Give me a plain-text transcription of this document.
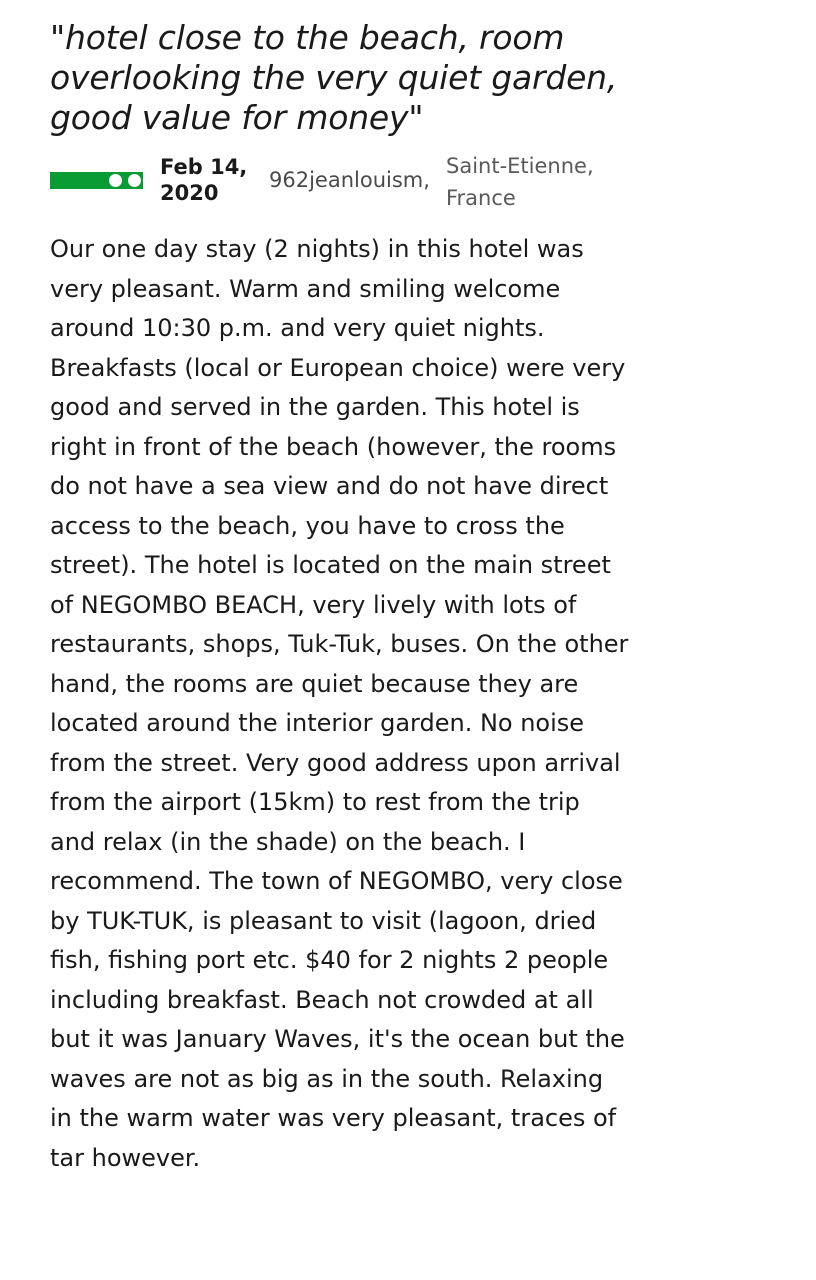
"hotel close to the beach, room overlooking the very quiet garden, good value for money"
Feb 14, 2020
962jeanlouism,
Saint-Etienne, France

Our one day stay (2 nights) in this hotel was very pleasant. Warm and smiling welcome around 10:30 p.m. and very quiet nights. Breakfasts (local or European choice) were very good and served in the garden. This hotel is right in front of the beach (however, the rooms do not have a sea view and do not have direct access to the beach, you have to cross the street). The hotel is located on the main street of NEGOMBO BEACH, very lively with lots of restaurants, shops, Tuk-Tuk, buses. On the other hand, the rooms are quiet because they are located around the interior garden. No noise from the street. Very good address upon arrival from the airport (15km) to rest from the trip and relax (in the shade) on the beach. I recommend. The town of NEGOMBO, very close by TUK-TUK, is pleasant to visit (lagoon, dried fish, fishing port etc. $40 for 2 nights 2 people including breakfast. Beach not crowded at all but it was January Waves, it's the ocean but the waves are not as big as in the south. Relaxing in the warm water was very pleasant, traces of tar however.
